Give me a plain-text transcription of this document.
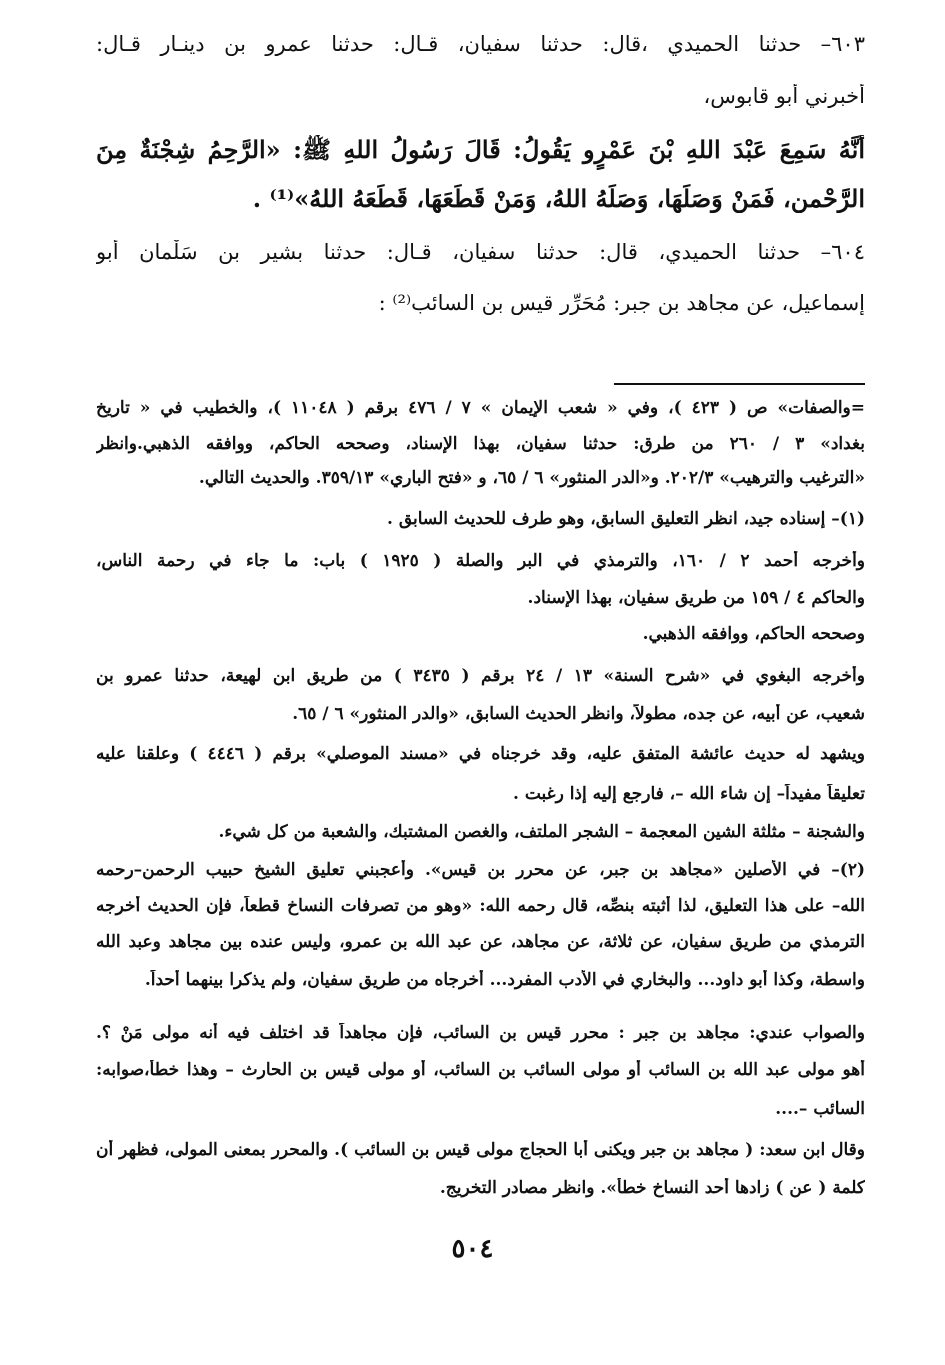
٦٠٣– حدثنا الحميدي ،قال: حدثنا سفيان، قـال: حدثنا عمرو بن دينـار قـال:
أخبرني أبو قابوس،
أَنَّهُ سَمِعَ عَبْدَ اللهِ بْنَ عَمْرٍو يَقُولُ: قَالَ رَسُولُ اللهِ ﷺ: «الرَّحِمُ شِجْنَةٌ مِنَ
الرَّحْمنِ، فَمَنْ وَصَلَهَا، وَصَلَهُ اللهُ، وَمَنْ قَطَعَهَا، قَطَعَهُ اللهُ»⁽¹⁾ .
٦٠٤– حدثنا الحميدي، قال: حدثنا سفيان، قـال: حدثنا بشير بن سَلْمان أبو
إسماعيل، عن مجاهد بن جبر: مُحَرِّرٍ قيس بن السائب⁽²⁾ :
=والصفات» ص ( ٤٢٣ )، وفي « شعب الإيمان » ٧ / ٤٧٦ برقم ( ١١٠٤٨ )، والخطيب في « تاريخ
بغداد» ٣ / ٢٦٠ من طرق: حدثنا سفيان، بهذا الإسناد، وصححه الحاكم، ووافقه الذهبي.وانظر
«الترغيب والترهيب» ٢٠٢/٣. و«الدر المنثور» ٦ / ٦٥، و «فتح الباري» ٣٥٩/١٣. والحديث التالي.
(١)– إسناده جيد، انظر التعليق السابق، وهو طرف للحديث السابق .
وأخرجه أحمد ٢ / ١٦٠، والترمذي في البر والصلة ( ١٩٢٥ ) باب: ما جاء في رحمة الناس،
والحاكم ٤ / ١٥٩ من طريق سفيان، بهذا الإسناد.
وصححه الحاكم، ووافقه الذهبي.
وأخرجه البغوي في «شرح السنة» ١٣ / ٢٤ برقم ( ٣٤٣٥ ) من طريق ابن لهيعة، حدثنا عمرو بن
شعيب، عن أبيه، عن جده، مطولاً، وانظر الحديث السابق، «والدر المنثور» ٦ / ٦٥.
ويشهد له حديث عائشة المتفق عليه، وقد خرجناه في «مسند الموصلي» برقم ( ٤٤٤٦ ) وعلقنا عليه
تعليقاً مفيداً– إن شاء الله –، فارجع إليه إذا رغبت .
والشجنة – مثلثة الشين المعجمة – الشجر الملتف، والغصن المشتبك، والشعبة من كل شيء.
(٢)– في الأصلين «مجاهد بن جبر، عن محرر بن قيس». وأعجبني تعليق الشيخ حبيب الرحمن–رحمه
الله– على هذا التعليق، لذا أثبته بنصِّه، قال رحمه الله: «وهو من تصرفات النساخ قطعاً، فإن الحديث أخرجه
الترمذي من طريق سفيان، عن ثلاثة، عن مجاهد، عن عبد الله بن عمرو، وليس عنده بين مجاهد وعبد الله
واسطة، وكذا أبو داود... والبخاري في الأدب المفرد... أخرجاه من طريق سفيان، ولم يذكرا بينهما أحداً.
والصواب عندي: مجاهد بن جبر : محرر قيس بن السائب، فإن مجاهداً قد اختلف فيه أنه مولى مَنْ ؟.
أهو مولى عبد الله بن السائب أو مولى السائب بن السائب، أو مولى قيس بن الحارث – وهذا خطأ،صوابه:
السائب –....
وقال ابن سعد: ( مجاهد بن جبر ويكنى أبا الحجاج مولى قيس بن السائب ). والمحرر بمعنى المولى، فظهر أن
كلمة ( عن ) زادها أحد النساخ خطأً». وانظر مصادر التخريج.
٥٠٤
